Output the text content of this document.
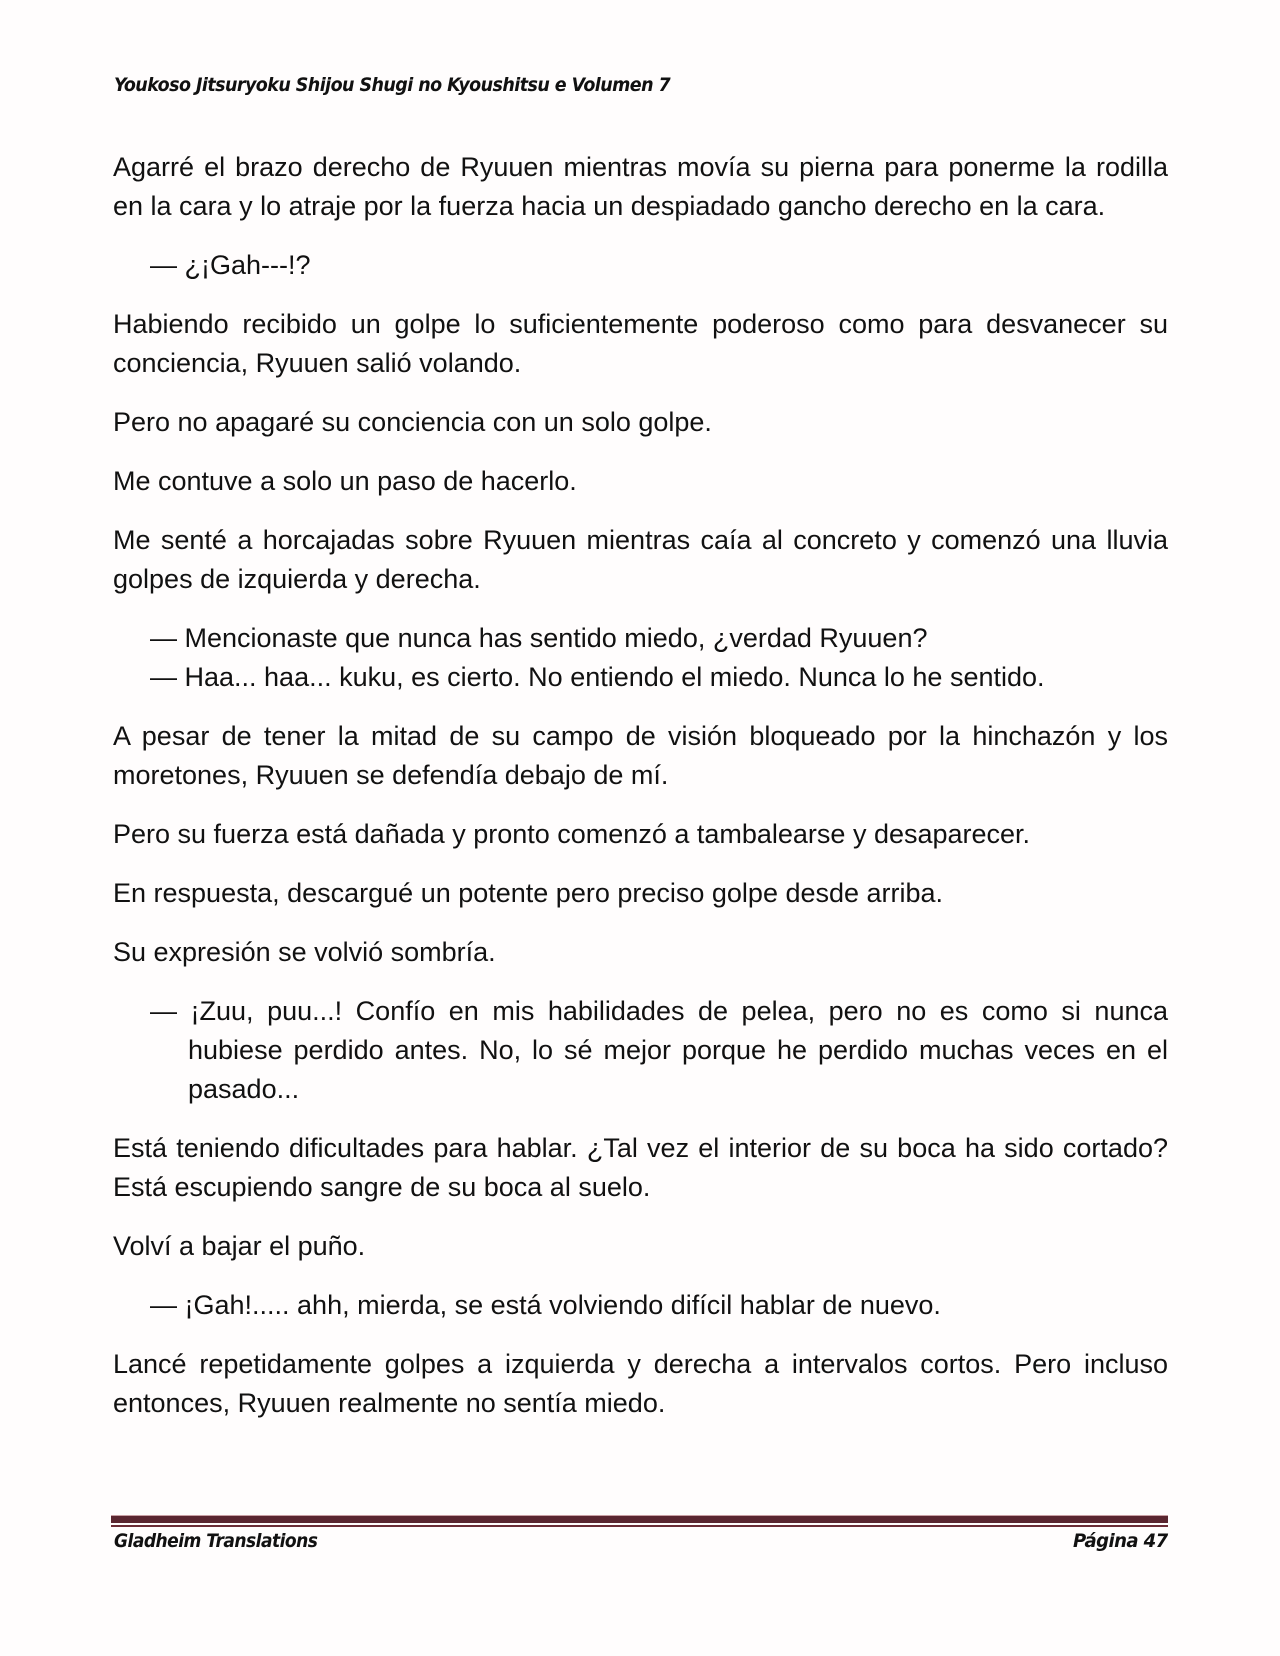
Youkoso Jitsuryoku Shijou Shugi no Kyoushitsu e Volumen 7

Agarré el brazo derecho de Ryuuen mientras movía su pierna para ponerme la rodilla en la cara y lo atraje por la fuerza hacia un despiadado gancho derecho en la cara.

— ¿¡Gah---!?

Habiendo recibido un golpe lo suficientemente poderoso como para desvanecer su conciencia, Ryuuen salió volando.

Pero no apagaré su conciencia con un solo golpe.

Me contuve a solo un paso de hacerlo.

Me senté a horcajadas sobre Ryuuen mientras caía al concreto y comenzó una lluvia golpes de izquierda y derecha.

— Mencionaste que nunca has sentido miedo, ¿verdad Ryuuen?

— Haa... haa... kuku, es cierto. No entiendo el miedo. Nunca lo he sentido.

A pesar de tener la mitad de su campo de visión bloqueado por la hinchazón y los moretones, Ryuuen se defendía debajo de mí.

Pero su fuerza está dañada y pronto comenzó a tambalearse y desaparecer.

En respuesta, descargué un potente pero preciso golpe desde arriba.

Su expresión se volvió sombría.

— ¡Zuu, puu...! Confío en mis habilidades de pelea, pero no es como si nunca hubiese perdido antes. No, lo sé mejor porque he perdido muchas veces en el pasado...

Está teniendo dificultades para hablar. ¿Tal vez el interior de su boca ha sido cortado? Está escupiendo sangre de su boca al suelo.

Volví a bajar el puño.

— ¡Gah!..... ahh, mierda, se está volviendo difícil hablar de nuevo.

Lancé repetidamente golpes a izquierda y derecha a intervalos cortos. Pero incluso entonces, Ryuuen realmente no sentía miedo.

Gladheim Translations	Página 47
